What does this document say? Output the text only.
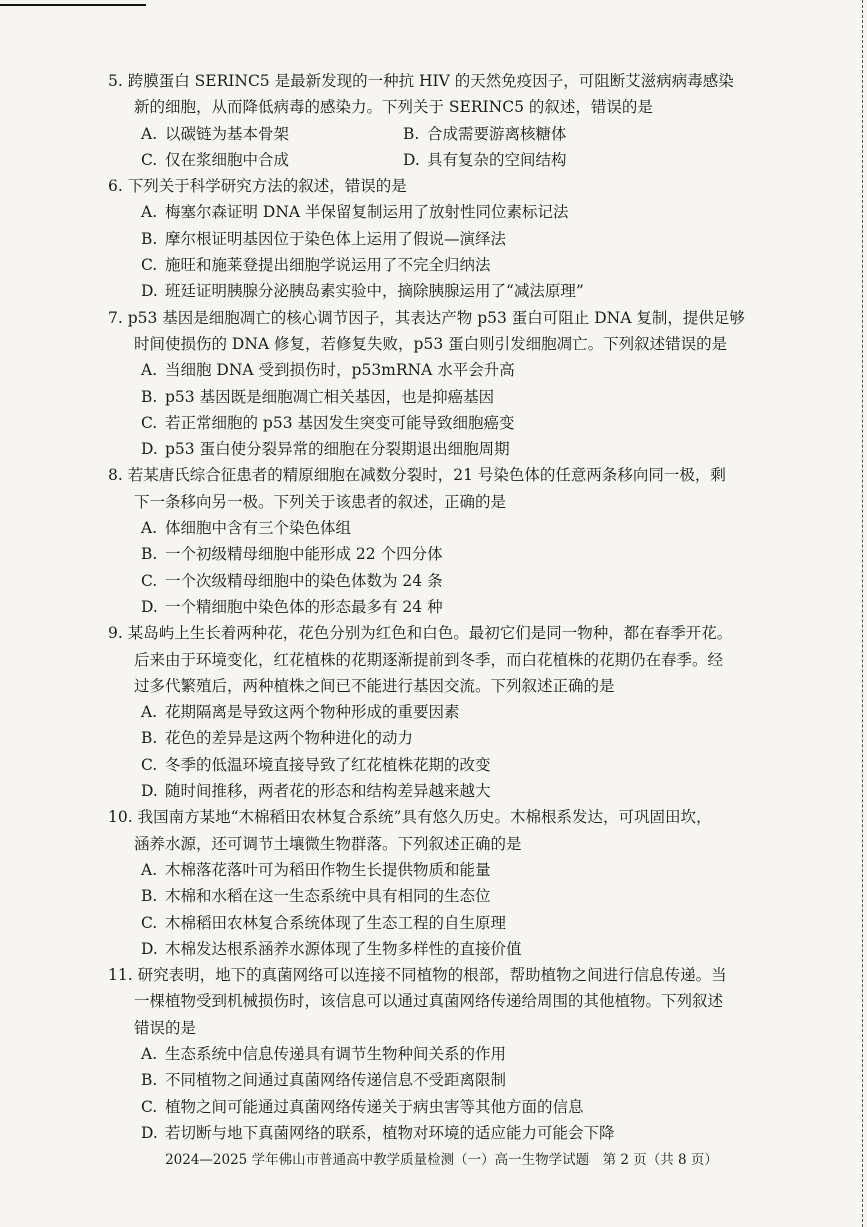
5. 跨膜蛋白 SERINC5 是最新发现的一种抗 HIV 的天然免疫因子，可阻断艾滋病病毒感染
新的细胞，从而降低病毒的感染力。下列关于 SERINC5 的叙述，错误的是
A. 以碳链为基本骨架	B. 合成需要游离核糖体
C. 仅在浆细胞中合成	D. 具有复杂的空间结构
6. 下列关于科学研究方法的叙述，错误的是
A. 梅塞尔森证明 DNA 半保留复制运用了放射性同位素标记法
B. 摩尔根证明基因位于染色体上运用了假说—演绎法
C. 施旺和施莱登提出细胞学说运用了不完全归纳法
D. 班廷证明胰腺分泌胰岛素实验中，摘除胰腺运用了“减法原理”
7. p53 基因是细胞凋亡的核心调节因子，其表达产物 p53 蛋白可阻止 DNA 复制，提供足够
时间使损伤的 DNA 修复，若修复失败，p53 蛋白则引发细胞凋亡。下列叙述错误的是
A. 当细胞 DNA 受到损伤时，p53mRNA 水平会升高
B. p53 基因既是细胞凋亡相关基因，也是抑癌基因
C. 若正常细胞的 p53 基因发生突变可能导致细胞癌变
D. p53 蛋白使分裂异常的细胞在分裂期退出细胞周期
8. 若某唐氏综合征患者的精原细胞在减数分裂时，21 号染色体的任意两条移向同一极，剩
下一条移向另一极。下列关于该患者的叙述，正确的是
A. 体细胞中含有三个染色体组
B. 一个初级精母细胞中能形成 22 个四分体
C. 一个次级精母细胞中的染色体数为 24 条
D. 一个精细胞中染色体的形态最多有 24 种
9. 某岛屿上生长着两种花，花色分别为红色和白色。最初它们是同一物种，都在春季开花。
后来由于环境变化，红花植株的花期逐渐提前到冬季，而白花植株的花期仍在春季。经
过多代繁殖后，两种植株之间已不能进行基因交流。下列叙述正确的是
A. 花期隔离是导致这两个物种形成的重要因素
B. 花色的差异是这两个物种进化的动力
C. 冬季的低温环境直接导致了红花植株花期的改变
D. 随时间推移，两者花的形态和结构差异越来越大
10. 我国南方某地“木棉稻田农林复合系统”具有悠久历史。木棉根系发达，可巩固田坎，
涵养水源，还可调节土壤微生物群落。下列叙述正确的是
A. 木棉落花落叶可为稻田作物生长提供物质和能量
B. 木棉和水稻在这一生态系统中具有相同的生态位
C. 木棉稻田农林复合系统体现了生态工程的自生原理
D. 木棉发达根系涵养水源体现了生物多样性的直接价值
11. 研究表明，地下的真菌网络可以连接不同植物的根部，帮助植物之间进行信息传递。当
一棵植物受到机械损伤时，该信息可以通过真菌网络传递给周围的其他植物。下列叙述
错误的是
A. 生态系统中信息传递具有调节生物种间关系的作用
B. 不同植物之间通过真菌网络传递信息不受距离限制
C. 植物之间可能通过真菌网络传递关于病虫害等其他方面的信息
D. 若切断与地下真菌网络的联系，植物对环境的适应能力可能会下降
2024—2025 学年佛山市普通高中教学质量检测（一）高一生物学试题　第 2 页（共 8 页）
